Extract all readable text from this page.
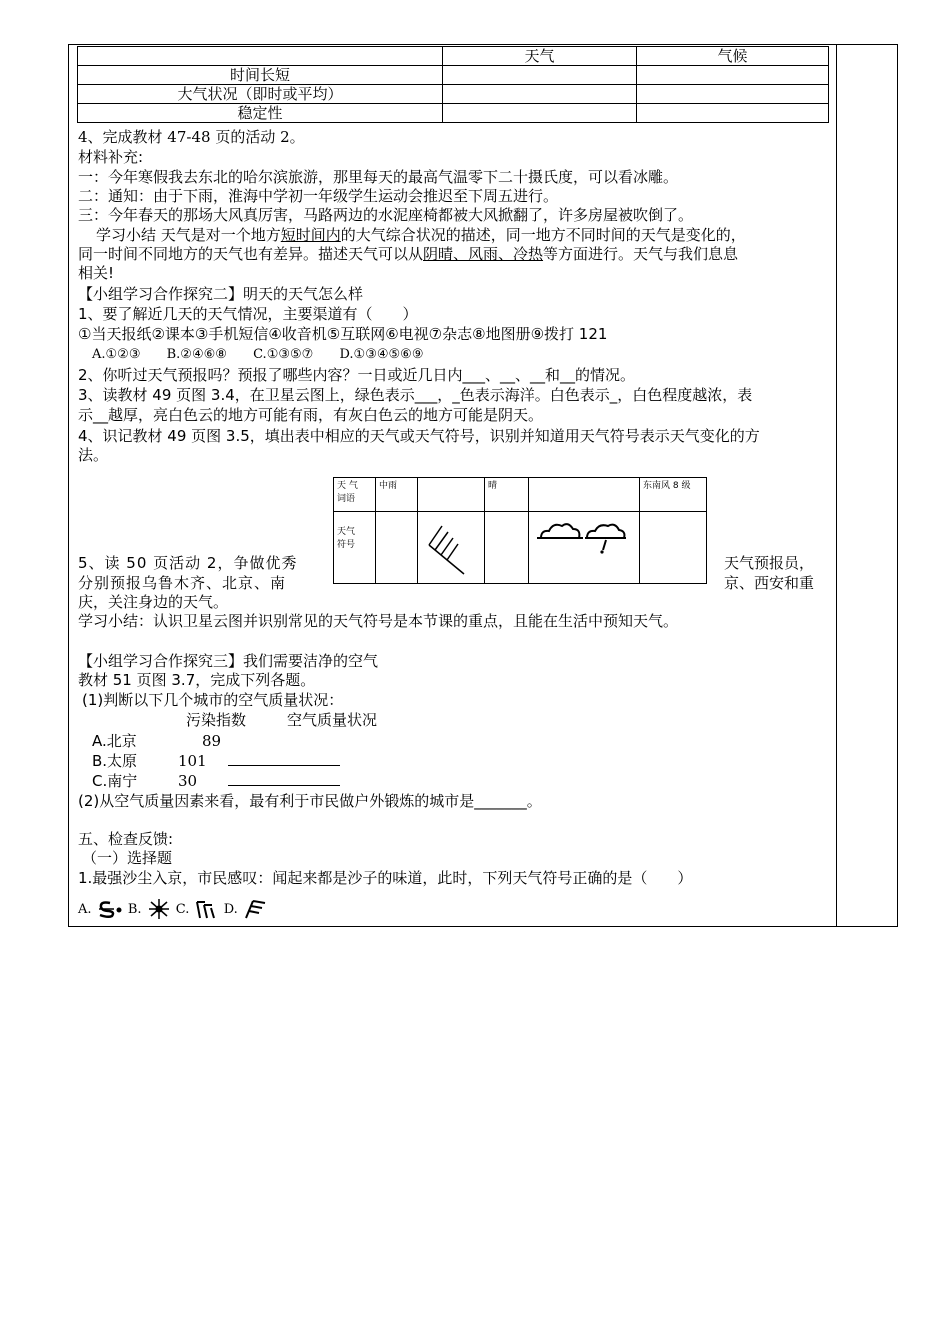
	天气	气候
时间长短		
大气状况（即时或平均）		
稳定性		
4、完成教材 47-48 页的活动 2。
材料补充:
一：今年寒假我去东北的哈尔滨旅游，那里每天的最高气温零下二十摄氏度，可以看冰雕。
二：通知：由于下雨，淮海中学初一年级学生运动会推迟至下周五进行。
三：今年春天的那场大风真厉害，马路两边的水泥座椅都被大风掀翻了，许多房屋被吹倒了。
学习小结 天气是对一个地方短时间内的大气综合状况的描述，同一地方不同时间的天气是变化的，
同一时间不同地方的天气也有差异。描述天气可以从阴晴、风雨、冷热等方面进行。天气与我们息息
相关!
【小组学习合作探究二】明天的天气怎么样
1、要了解近几天的天气情况，主要渠道有（　　）
①当天报纸②课本③手机短信④收音机⑤互联网⑥电视⑦杂志⑧地图册⑨拨打 121
A.①②③ B.②④⑥⑧ C.①③⑤⑦ D.①③④⑤⑥⑨
2、你听过天气预报吗？预报了哪些内容？一日或近几日内___、__、__和__的情况。
3、读教材 49 页图 3.4，在卫星云图上，绿色表示___，_色表示海洋。白色表示_，白色程度越浓，表
示__越厚，亮白色云的地方可能有雨，有灰白色云的地方可能是阴天。
4、识记教材 49 页图 3.5，填出表中相应的天气或天气符号，识别并知道用天气符号表示天气变化的方
法。
天 气
词语	中雨		晴		东南风 8 级
天气
符号					
5、读 50 页活动 2，争做优秀	天气预报员，
分别预报乌鲁木齐、北京、南	京、西安和重
庆，关注身边的天气。
学习小结：认识卫星云图并识别常见的天气符号是本节课的重点，且能在生活中预知天气。
【小组学习合作探究三】我们需要洁净的空气
教材 51 页图 3.7，完成下列各题。
(1)判断以下几个城市的空气质量状况：
污染指数	空气质量状况
A.北京	89
B.太原	101
C.南宁	30
(2)从空气质量因素来看，最有利于市民做户外锻炼的城市是_______。
五、检查反馈:
（一）选择题
1.最强沙尘入京，市民感叹：闻起来都是沙子的味道，此时，下列天气符号正确的是（　　）
A.	B.	C.	D.
